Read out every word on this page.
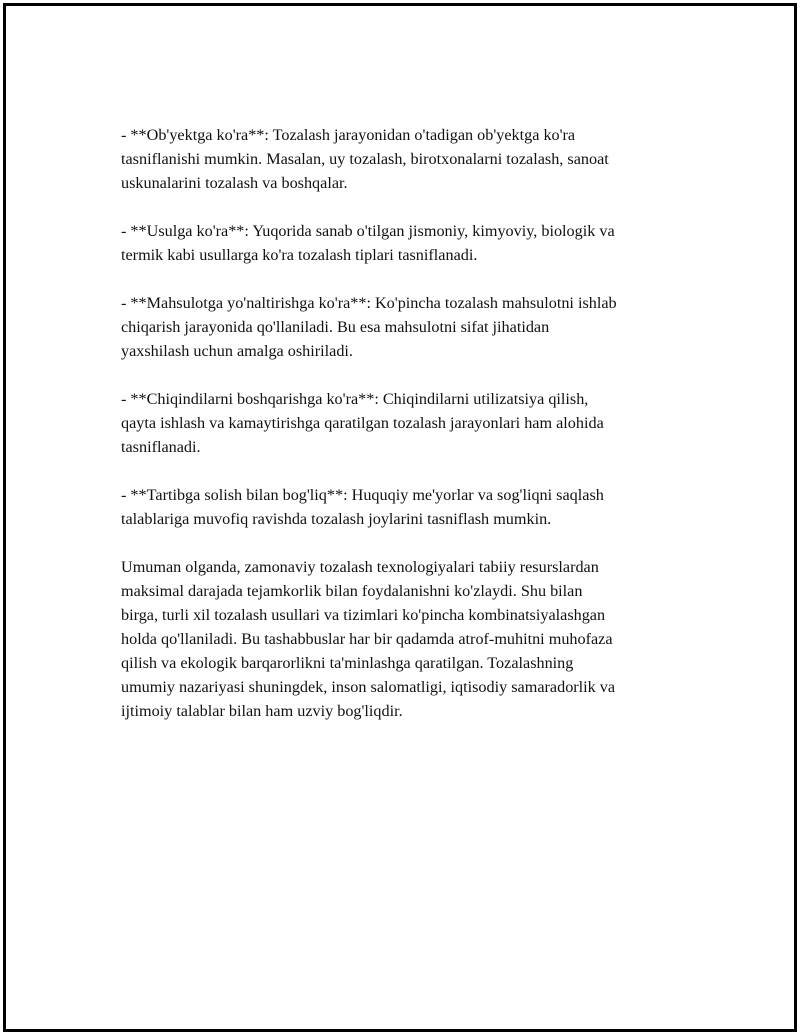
- **Ob'yektga ko'ra**: Tozalash jarayonidan o'tadigan ob'yektga ko'ra
tasniflanishi mumkin. Masalan, uy tozalash, birotxonalarni tozalash, sanoat
uskunalarini tozalash va boshqalar.

- **Usulga ko'ra**: Yuqorida sanab o'tilgan jismoniy, kimyoviy, biologik va
termik kabi usullarga ko'ra tozalash tiplari tasniflanadi.

- **Mahsulotga yo'naltirishga ko'ra**: Ko'pincha tozalash mahsulotni ishlab
chiqarish jarayonida qo'llaniladi. Bu esa mahsulotni sifat jihatidan
yaxshilash uchun amalga oshiriladi.

- **Chiqindilarni boshqarishga ko'ra**: Chiqindilarni utilizatsiya qilish,
qayta ishlash va kamaytirishga qaratilgan tozalash jarayonlari ham alohida
tasniflanadi.

- **Tartibga solish bilan bog'liq**: Huquqiy me'yorlar va sog'liqni saqlash
talablariga muvofiq ravishda tozalash joylarini tasniflash mumkin.

Umuman olganda, zamonaviy tozalash texnologiyalari tabiiy resurslardan
maksimal darajada tejamkorlik bilan foydalanishni ko'zlaydi. Shu bilan
birga, turli xil tozalash usullari va tizimlari ko'pincha kombinatsiyalashgan
holda qo'llaniladi. Bu tashabbuslar har bir qadamda atrof-muhitni muhofaza
qilish va ekologik barqarorlikni ta'minlashga qaratilgan. Tozalashning
umumiy nazariyasi shuningdek, inson salomatligi, iqtisodiy samaradorlik va
ijtimoiy talablar bilan ham uzviy bog'liqdir.
